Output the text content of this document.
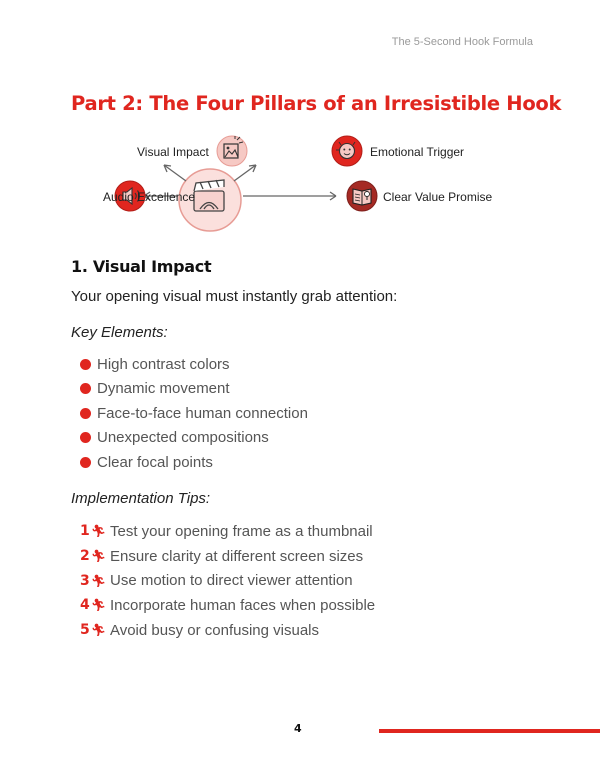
The 5‑Second Hook Formula
Part 2: The Four Pillars of an Irresistible Hook
Visual Impact	Emotional Trigger
Audio Excellence	Clear Value Promise
1. Visual Impact

Your opening visual must instantly grab attention:

Key Elements:

High contrast colors
Dynamic movement
Face-to-face human connection
Unexpected compositions
Clear focal points

Implementation Tips:

1 🏃︎ Test your opening frame as a thumbnail
2 🏃︎ Ensure clarity at different screen sizes
3 🏃︎ Use motion to direct viewer attention
4 🏃︎ Incorporate human faces when possible
5 🏃︎ Avoid busy or confusing visuals
4
